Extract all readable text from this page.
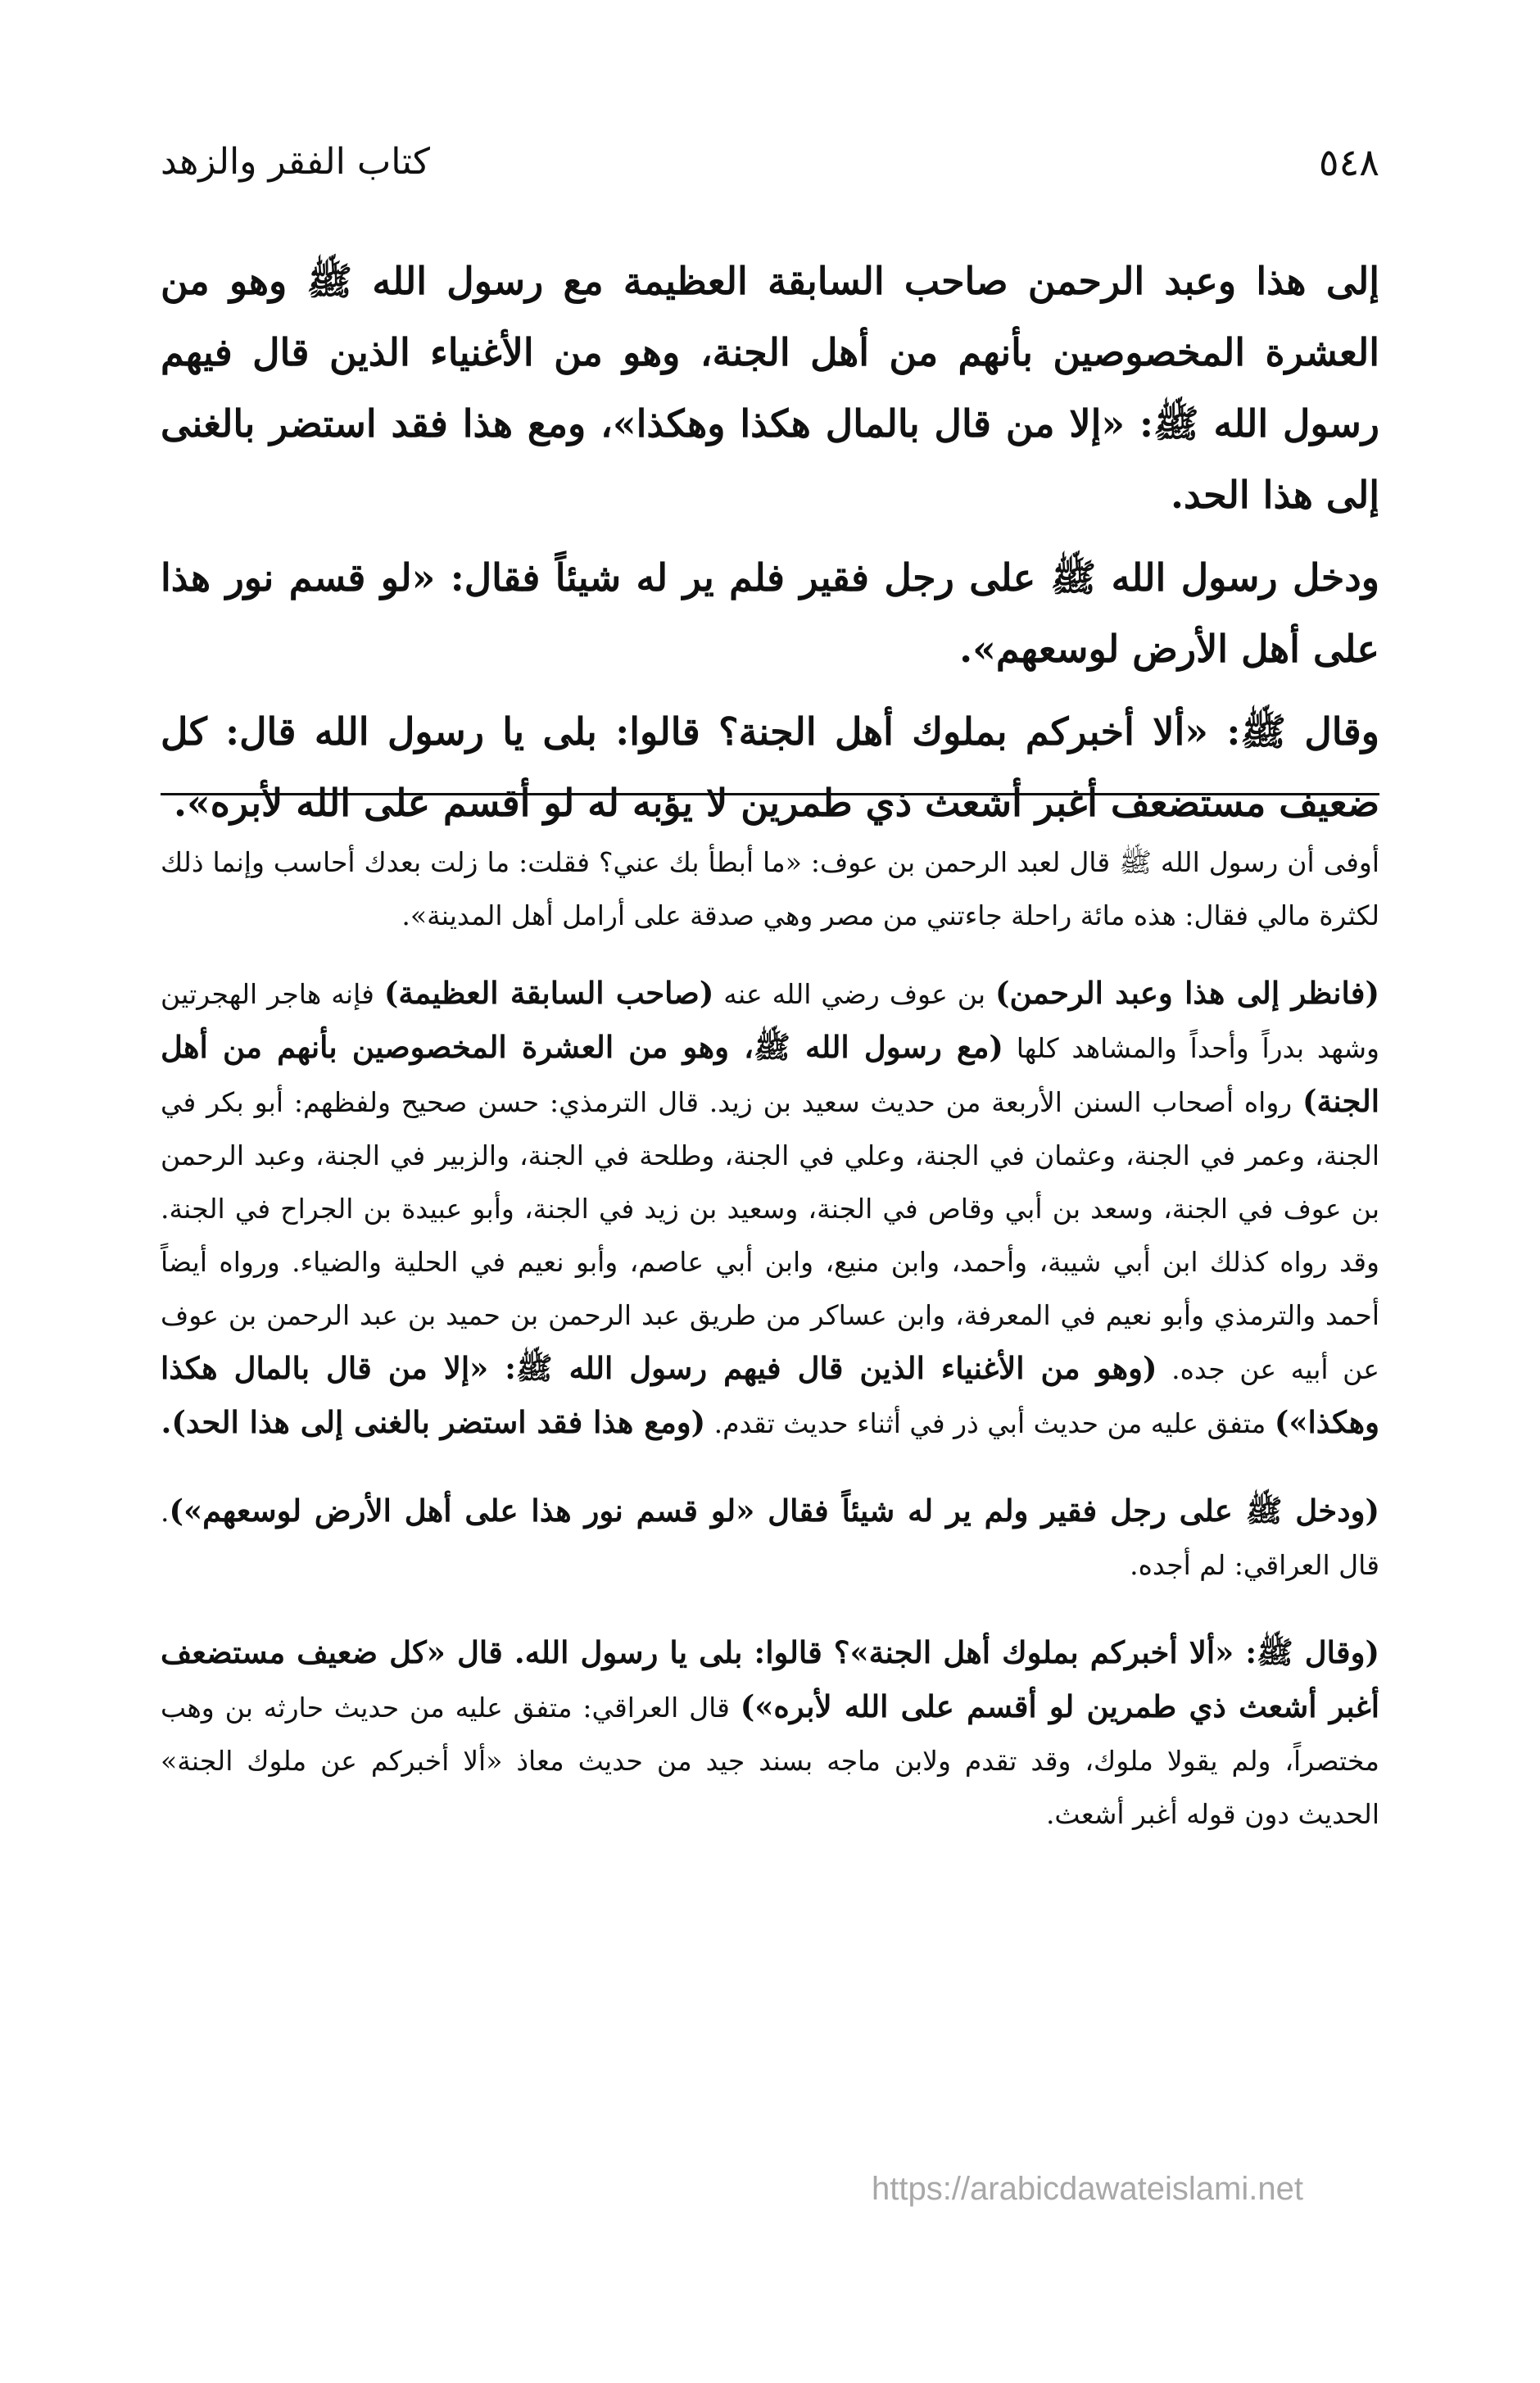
٥٤٨
كتاب الفقر والزهد

إلى هذا وعبد الرحمن صاحب السابقة العظيمة مع رسول الله ﷺ وهو من العشرة المخصوصين بأنهم من أهل الجنة، وهو من الأغنياء الذين قال فيهم رسول الله ﷺ: «إلا من قال بالمال هكذا وهكذا»، ومع هذا فقد استضر بالغنى إلى هذا الحد.

ودخل رسول الله ﷺ على رجل فقير فلم ير له شيئاً فقال: «لو قسم نور هذا على أهل الأرض لوسعهم».

وقال ﷺ: «ألا أخبركم بملوك أهل الجنة؟ قالوا: بلى يا رسول الله قال: كل ضعيف مستضعف أغبر أشعث ذي طمرين لا يؤبه له لو أقسم على الله لأبره».

أوفى أن رسول الله ﷺ قال لعبد الرحمن بن عوف: «ما أبطأ بك عني؟ فقلت: ما زلت بعدك أحاسب وإنما ذلك لكثرة مالي فقال: هذه مائة راحلة جاءتني من مصر وهي صدقة على أرامل أهل المدينة».

(فانظر إلى هذا وعبد الرحمن) بن عوف رضي الله عنه (صاحب السابقة العظيمة) فإنه هاجر الهجرتين وشهد بدراً وأحداً والمشاهد كلها (مع رسول الله ﷺ، وهو من العشرة المخصوصين بأنهم من أهل الجنة) رواه أصحاب السنن الأربعة من حديث سعيد بن زيد. قال الترمذي: حسن صحيح ولفظهم: أبو بكر في الجنة، وعمر في الجنة، وعثمان في الجنة، وعلي في الجنة، وطلحة في الجنة، والزبير في الجنة، وعبد الرحمن بن عوف في الجنة، وسعد بن أبي وقاص في الجنة، وسعيد بن زيد في الجنة، وأبو عبيدة بن الجراح في الجنة. وقد رواه كذلك ابن أبي شيبة، وأحمد، وابن منيع، وابن أبي عاصم، وأبو نعيم في الحلية والضياء. ورواه أيضاً أحمد والترمذي وأبو نعيم في المعرفة، وابن عساكر من طريق عبد الرحمن بن حميد بن عبد الرحمن بن عوف عن أبيه عن جده. (وهو من الأغنياء الذين قال فيهم رسول الله ﷺ: «إلا من قال بالمال هكذا وهكذا») متفق عليه من حديث أبي ذر في أثناء حديث تقدم. (ومع هذا فقد استضر بالغنى إلى هذا الحد).

(ودخل ﷺ على رجل فقير ولم ير له شيئاً فقال «لو قسم نور هذا على أهل الأرض لوسعهم»). قال العراقي: لم أجده.

(وقال ﷺ: «ألا أخبركم بملوك أهل الجنة»؟ قالوا: بلى يا رسول الله. قال «كل ضعيف مستضعف أغبر أشعث ذي طمرين لو أقسم على الله لأبره») قال العراقي: متفق عليه من حديث حارثه بن وهب مختصراً، ولم يقولا ملوك، وقد تقدم ولابن ماجه بسند جيد من حديث معاذ «ألا أخبركم عن ملوك الجنة» الحديث دون قوله أغبر أشعث.

https://arabicdawateislami.net
